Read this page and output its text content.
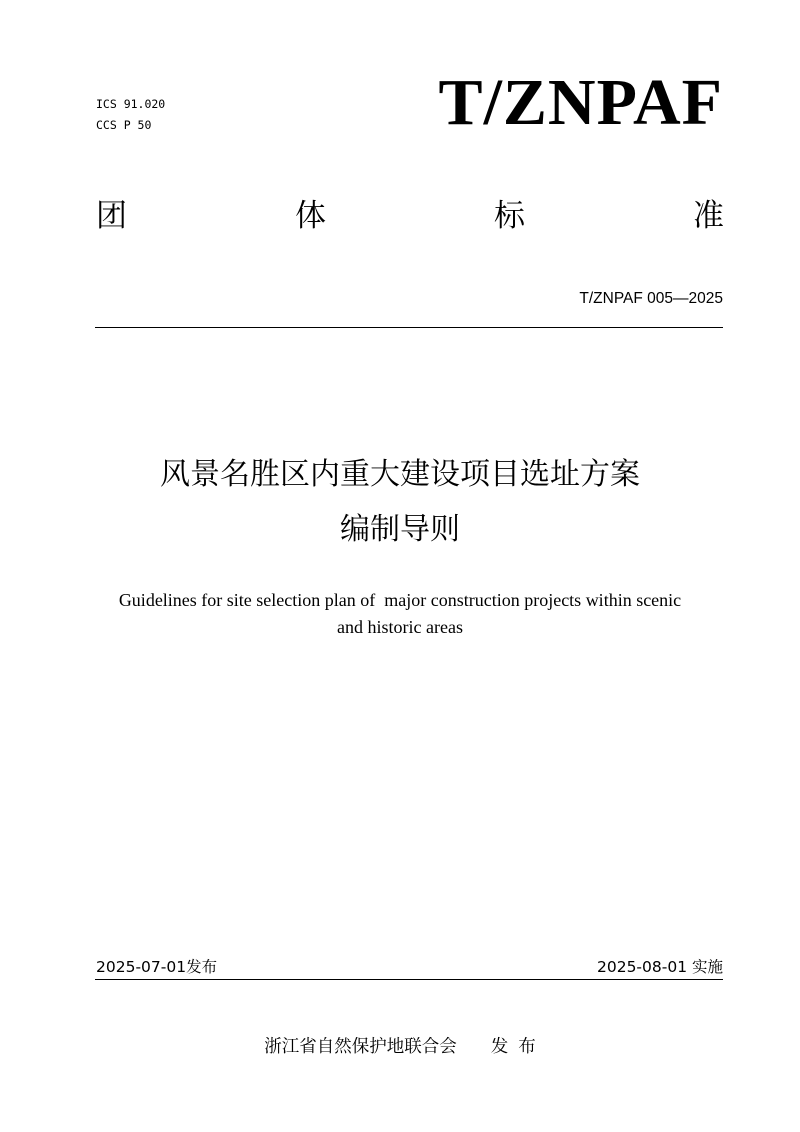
ICS 91.020
CCS P 50	T/ZNPAF
团	体	标	准
T/ZNPAF 005—2025
风景名胜区内重大建设项目选址方案
编制导则
Guidelines for site selection plan of  major construction projects within scenic
and historic areas
2025-07-01发布	2025-08-01 实施
浙江省自然保护地联合会 发 布
